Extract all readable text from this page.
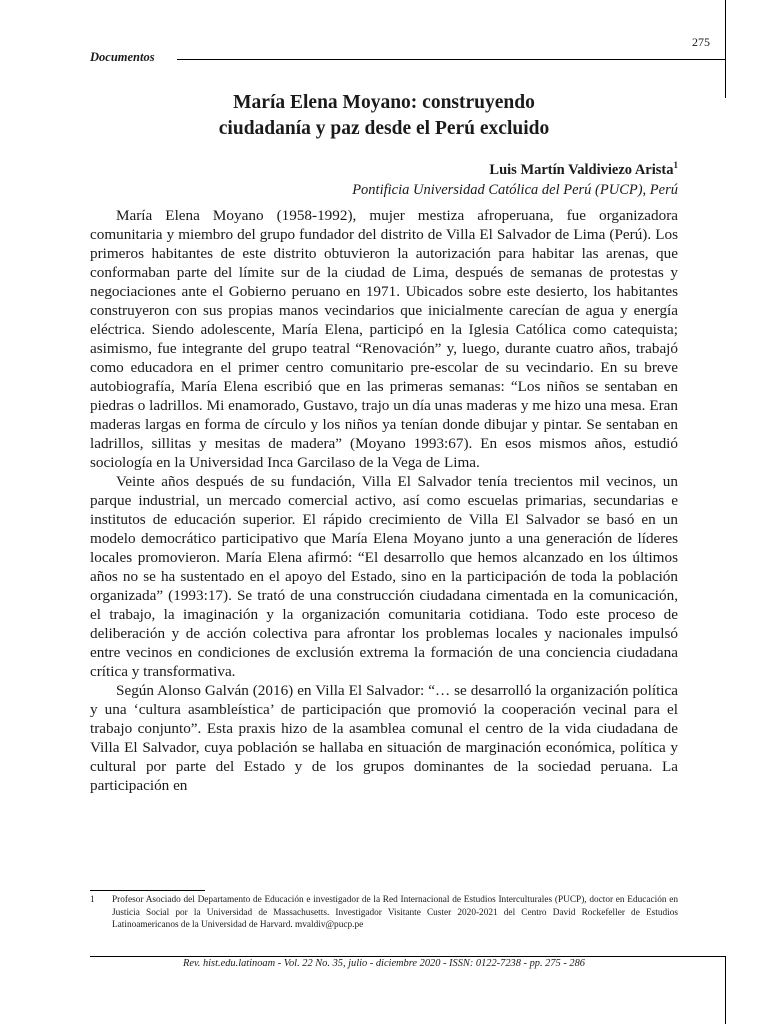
275
Documentos
María Elena Moyano: construyendo
ciudadanía y paz desde el Perú excluido
Luis Martín Valdiviezo Arista$^1$
Pontificia Universidad Católica del Perú (PUCP), Perú

María Elena Moyano (1958-1992), mujer mestiza afroperuana, fue organizadora comunitaria y miembro del grupo fundador del distrito de Villa El Salvador de Lima (Perú). Los primeros habitantes de este distrito obtuvieron la autorización para habitar las arenas, que conformaban parte del límite sur de la ciudad de Lima, después de semanas de protestas y negociaciones ante el Gobierno peruano en 1971. Ubicados sobre este desierto, los habitantes construyeron con sus propias manos vecindarios que inicialmente carecían de agua y energía eléctrica. Siendo adolescente, María Elena, participó en la Iglesia Católica como catequista; asimismo, fue integrante del grupo teatral “Renovación” y, luego, durante cuatro años, trabajó como educadora en el primer centro comunitario pre-escolar de su vecindario. En su breve autobiografía, María Elena escribió que en las primeras semanas: “Los niños se sentaban en piedras o ladrillos. Mi enamorado, Gustavo, trajo un día unas maderas y me hizo una mesa. Eran maderas largas en forma de círculo y los niños ya tenían donde dibujar y pintar. Se sentaban en ladrillos, sillitas y mesitas de madera” (Moyano 1993:67). En esos mismos años, estudió sociología en la Universidad Inca Garcilaso de la Vega de Lima.

Veinte años después de su fundación, Villa El Salvador tenía trecientos mil vecinos, un parque industrial, un mercado comercial activo, así como escuelas primarias, secundarias e institutos de educación superior. El rápido crecimiento de Villa El Salvador se basó en un modelo democrático participativo que María Elena Moyano junto a una generación de líderes locales promovieron. María Elena afirmó: “El desarrollo que hemos alcanzado en los últimos años no se ha sustentado en el apoyo del Estado, sino en la participación de toda la población organizada” (1993:17). Se trató de una construcción ciudadana cimentada en la comunicación, el trabajo, la imaginación y la organización comunitaria cotidiana. Todo este proceso de deliberación y de acción colectiva para afrontar los problemas locales y nacionales impulsó entre vecinos en condiciones de exclusión extrema la formación de una conciencia ciudadana crítica y transformativa.

Según Alonso Galván (2016) en Villa El Salvador: “… se desarrolló la organización política y una ‘cultura asambleística’ de participación que promovió la cooperación vecinal para el trabajo conjunto”. Esta praxis hizo de la asamblea comunal el centro de la vida ciudadana de Villa El Salvador, cuya población se hallaba en situación de marginación económica, política y cultural por parte del Estado y de los grupos dominantes de la sociedad peruana. La participación en

1	Profesor Asociado del Departamento de Educación e investigador de la Red Internacional de Estudios Interculturales (PUCP), doctor en Educación en Justicia Social por la Universidad de Massachusetts. Investigador Visitante Custer 2020-2021 del Centro David Rockefeller de Estudios Latinoamericanos de la Universidad de Harvard. mvaldiv@pucp.pe
Rev. hist.edu.latinoam - Vol. 22 No. 35, julio - diciembre 2020 - ISSN: 0122-7238 - pp. 275 - 286
